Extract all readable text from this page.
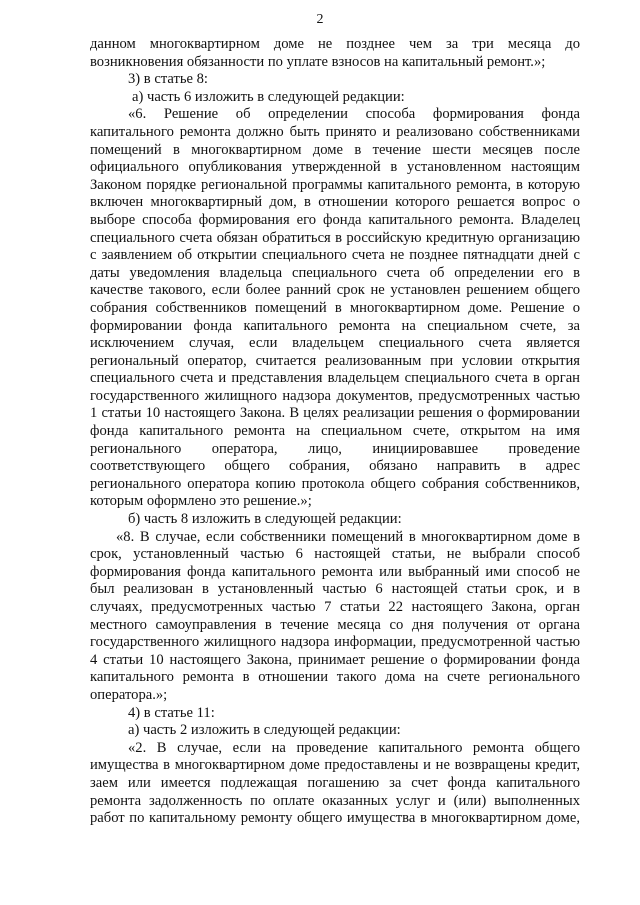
2
данном многоквартирном доме не позднее чем за три месяца до
возникновения обязанности по уплате взносов на капитальный ремонт.»;
3) в статье 8:
а) часть 6 изложить в следующей редакции:
«6. Решение об определении способа формирования фонда
капитального ремонта должно быть принято и реализовано собственниками
помещений в многоквартирном доме в течение шести месяцев после
официального опубликования утвержденной в установленном настоящим
Законом порядке региональной программы капитального ремонта, в которую
включен многоквартирный дом, в отношении которого решается вопрос о
выборе способа формирования его фонда капитального ремонта. Владелец
специального счета обязан обратиться в российскую кредитную организацию
с заявлением об открытии специального счета не позднее пятнадцати дней с
даты уведомления владельца специального счета об определении его в
качестве такового, если более ранний срок не установлен решением общего
собрания собственников помещений в многоквартирном доме. Решение о
формировании фонда капитального ремонта на специальном счете, за
исключением случая, если владельцем специального счета является
региональный оператор, считается реализованным при условии открытия
специального счета и представления владельцем специального счета в орган
государственного жилищного надзора документов, предусмотренных частью
1 статьи 10 настоящего Закона. В целях реализации решения о формировании
фонда капитального ремонта на специальном счете, открытом на имя
регионального оператора, лицо, инициировавшее проведение
соответствующего общего собрания, обязано направить в адрес
регионального оператора копию протокола общего собрания собственников,
которым оформлено это решение.»;
б) часть 8 изложить в следующей редакции:
«8. В случае, если собственники помещений в многоквартирном доме в
срок, установленный частью 6 настоящей статьи, не выбрали способ
формирования фонда капитального ремонта или выбранный ими способ не
был реализован в установленный частью 6 настоящей статьи срок, и в
случаях, предусмотренных частью 7 статьи 22 настоящего Закона, орган
местного самоуправления в течение месяца со дня получения от органа
государственного жилищного надзора информации, предусмотренной частью
4 статьи 10 настоящего Закона, принимает решение о формировании фонда
капитального ремонта в отношении такого дома на счете регионального
оператора.»;
4) в статье 11:
а) часть 2 изложить в следующей редакции:
«2. В случае, если на проведение капитального ремонта общего
имущества в многоквартирном доме предоставлены и не возвращены кредит,
заем или имеется подлежащая погашению за счет фонда капитального
ремонта задолженность по оплате оказанных услуг и (или) выполненных
работ по капитальному ремонту общего имущества в многоквартирном доме,
